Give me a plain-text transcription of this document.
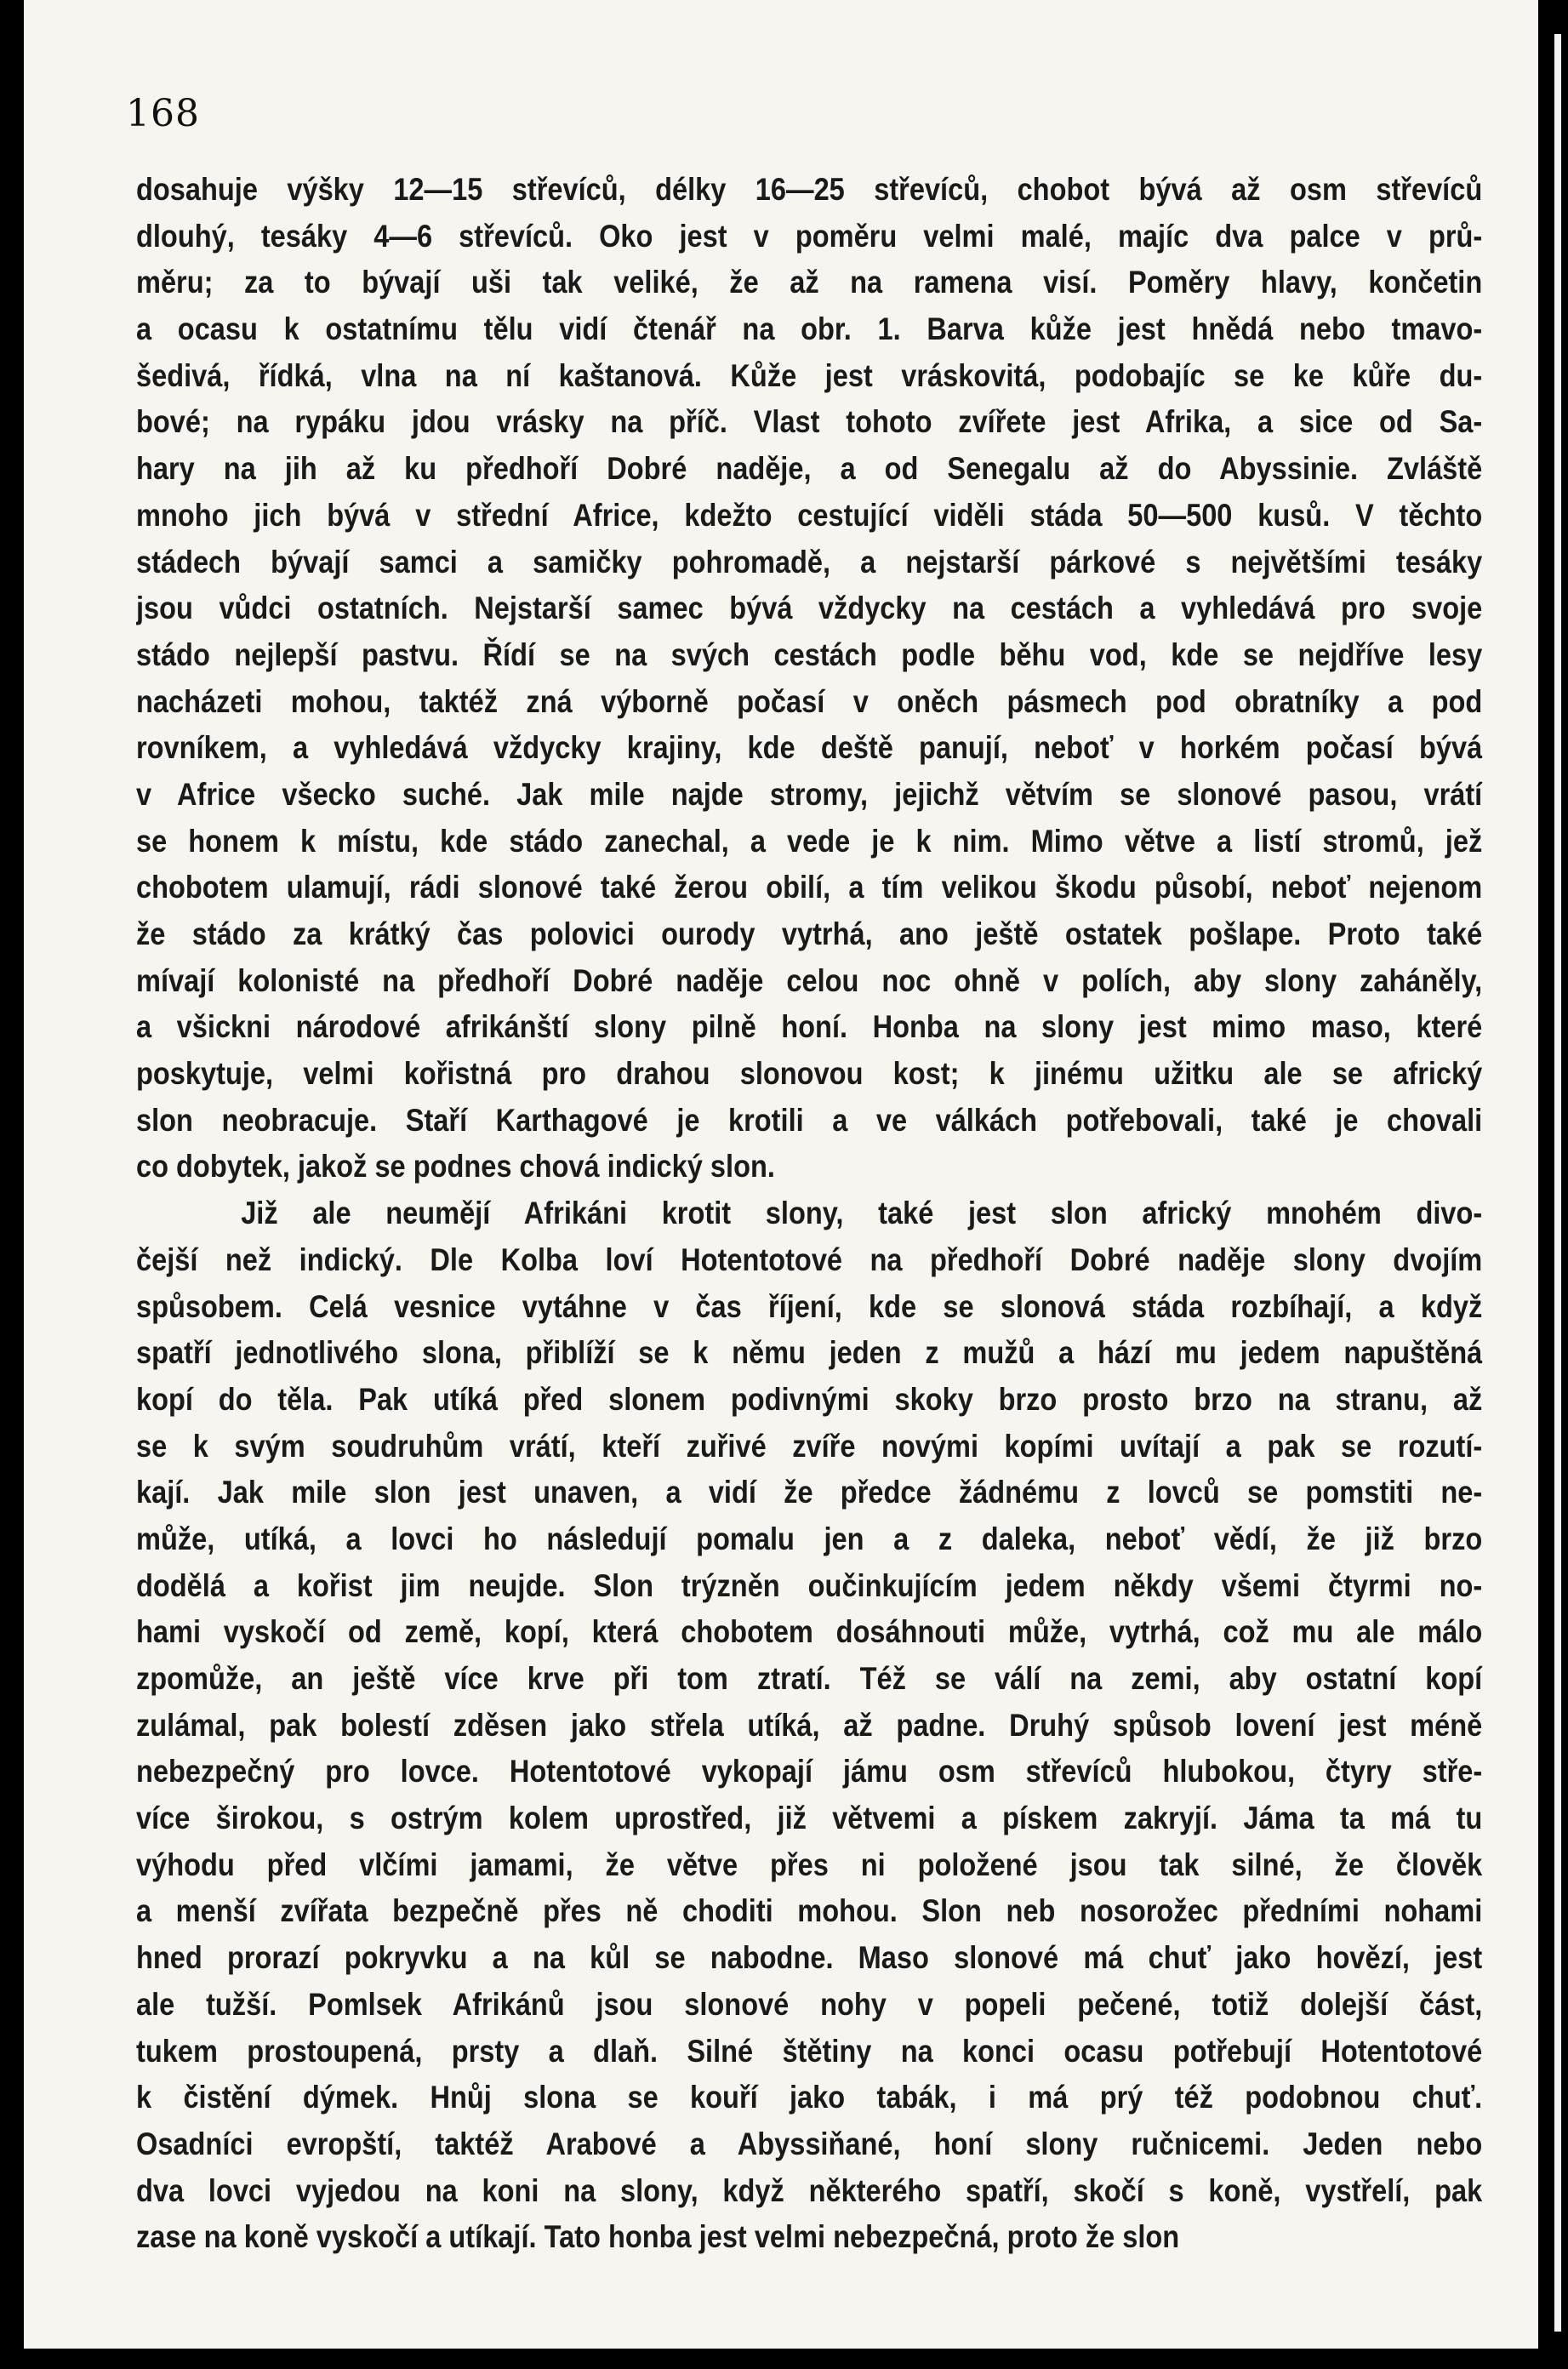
168
dosahuje výšky 12—15 střevíců, délky 16—25 střevíců, chobot bývá až osm střevíců
dlouhý, tesáky 4—6 střevíců. Oko jest v poměru velmi malé, majíc dva palce v prů-
měru; za to bývají uši tak veliké, že až na ramena visí. Poměry hlavy, končetin
a ocasu k ostatnímu tělu vidí čtenář na obr. 1. Barva kůže jest hnědá nebo tmavo-
šedivá, řídká, vlna na ní kaštanová. Kůže jest vráskovitá, podobajíc se ke kůře du-
bové; na rypáku jdou vrásky na příč. Vlast tohoto zvířete jest Afrika, a sice od Sa-
hary na jih až ku předhoří Dobré naděje, a od Senegalu až do Abyssinie. Zvláště
mnoho jich bývá v střední Africe, kdežto cestující viděli stáda 50—500 kusů. V těchto
stádech bývají samci a samičky pohromadě, a nejstarší párkové s největšími tesáky
jsou vůdci ostatních. Nejstarší samec bývá vždycky na cestách a vyhledává pro svoje
stádo nejlepší pastvu. Řídí se na svých cestách podle běhu vod, kde se nejdříve lesy
nacházeti mohou, taktéž zná výborně počasí v oněch pásmech pod obratníky a pod
rovníkem, a vyhledává vždycky krajiny, kde deště panují, neboť v horkém počasí bývá
v Africe všecko suché. Jak mile najde stromy, jejichž větvím se slonové pasou, vrátí
se honem k místu, kde stádo zanechal, a vede je k nim. Mimo větve a listí stromů, jež
chobotem ulamují, rádi slonové také žerou obilí, a tím velikou škodu působí, neboť nejenom
že stádo za krátký čas polovici ourody vytrhá, ano ještě ostatek pošlape. Proto také
mívají kolonisté na předhoří Dobré naděje celou noc ohně v polích, aby slony zaháněly,
a všickni národové afrikánští slony pilně honí. Honba na slony jest mimo maso, které
poskytuje, velmi kořistná pro drahou slonovou kost; k jinému užitku ale se africký
slon neobracuje. Staří Karthagové je krotili a ve válkách potřebovali, také je chovali
co dobytek, jakož se podnes chová indický slon.
Již ale neumějí Afrikáni krotit slony, také jest slon africký mnohém divo-
čejší než indický. Dle Kolba loví Hotentotové na předhoří Dobré naděje slony dvojím
spůsobem. Celá vesnice vytáhne v čas říjení, kde se slonová stáda rozbíhají, a když
spatří jednotlivého slona, přiblíží se k němu jeden z mužů a hází mu jedem napuštěná
kopí do těla. Pak utíká před slonem podivnými skoky brzo prosto brzo na stranu, až
se k svým soudruhům vrátí, kteří zuřivé zvíře novými kopími uvítají a pak se rozutí-
kají. Jak mile slon jest unaven, a vidí že předce žádnému z lovců se pomstiti ne-
může, utíká, a lovci ho následují pomalu jen a z daleka, neboť vědí, že již brzo
dodělá a kořist jim neujde. Slon trýzněn oučinkujícím jedem někdy všemi čtyrmi no-
hami vyskočí od země, kopí, která chobotem dosáhnouti může, vytrhá, což mu ale málo
zpomůže, an ještě více krve při tom ztratí. Též se válí na zemi, aby ostatní kopí
zulámal, pak bolestí zděsen jako střela utíká, až padne. Druhý spůsob lovení jest méně
nebezpečný pro lovce. Hotentotové vykopají jámu osm střevíců hlubokou, čtyry stře-
více širokou, s ostrým kolem uprostřed, již větvemi a pískem zakryjí. Jáma ta má tu
výhodu před vlčími jamami, že větve přes ni položené jsou tak silné, že člověk
a menší zvířata bezpečně přes ně choditi mohou. Slon neb nosorožec předními nohami
hned prorazí pokryvku a na kůl se nabodne. Maso slonové má chuť jako hovězí, jest
ale tužší. Pomlsek Afrikánů jsou slonové nohy v popeli pečené, totiž dolejší část,
tukem prostoupená, prsty a dlaň. Silné štětiny na konci ocasu potřebují Hotentotové
k čistění dýmek. Hnůj slona se kouří jako tabák, i má prý též podobnou chuť.
Osadníci evropští, taktéž Arabové a Abyssiňané, honí slony ručnicemi. Jeden nebo
dva lovci vyjedou na koni na slony, když některého spatří, skočí s koně, vystřelí, pak
zase na koně vyskočí a utíkají. Tato honba jest velmi nebezpečná, proto že slon
